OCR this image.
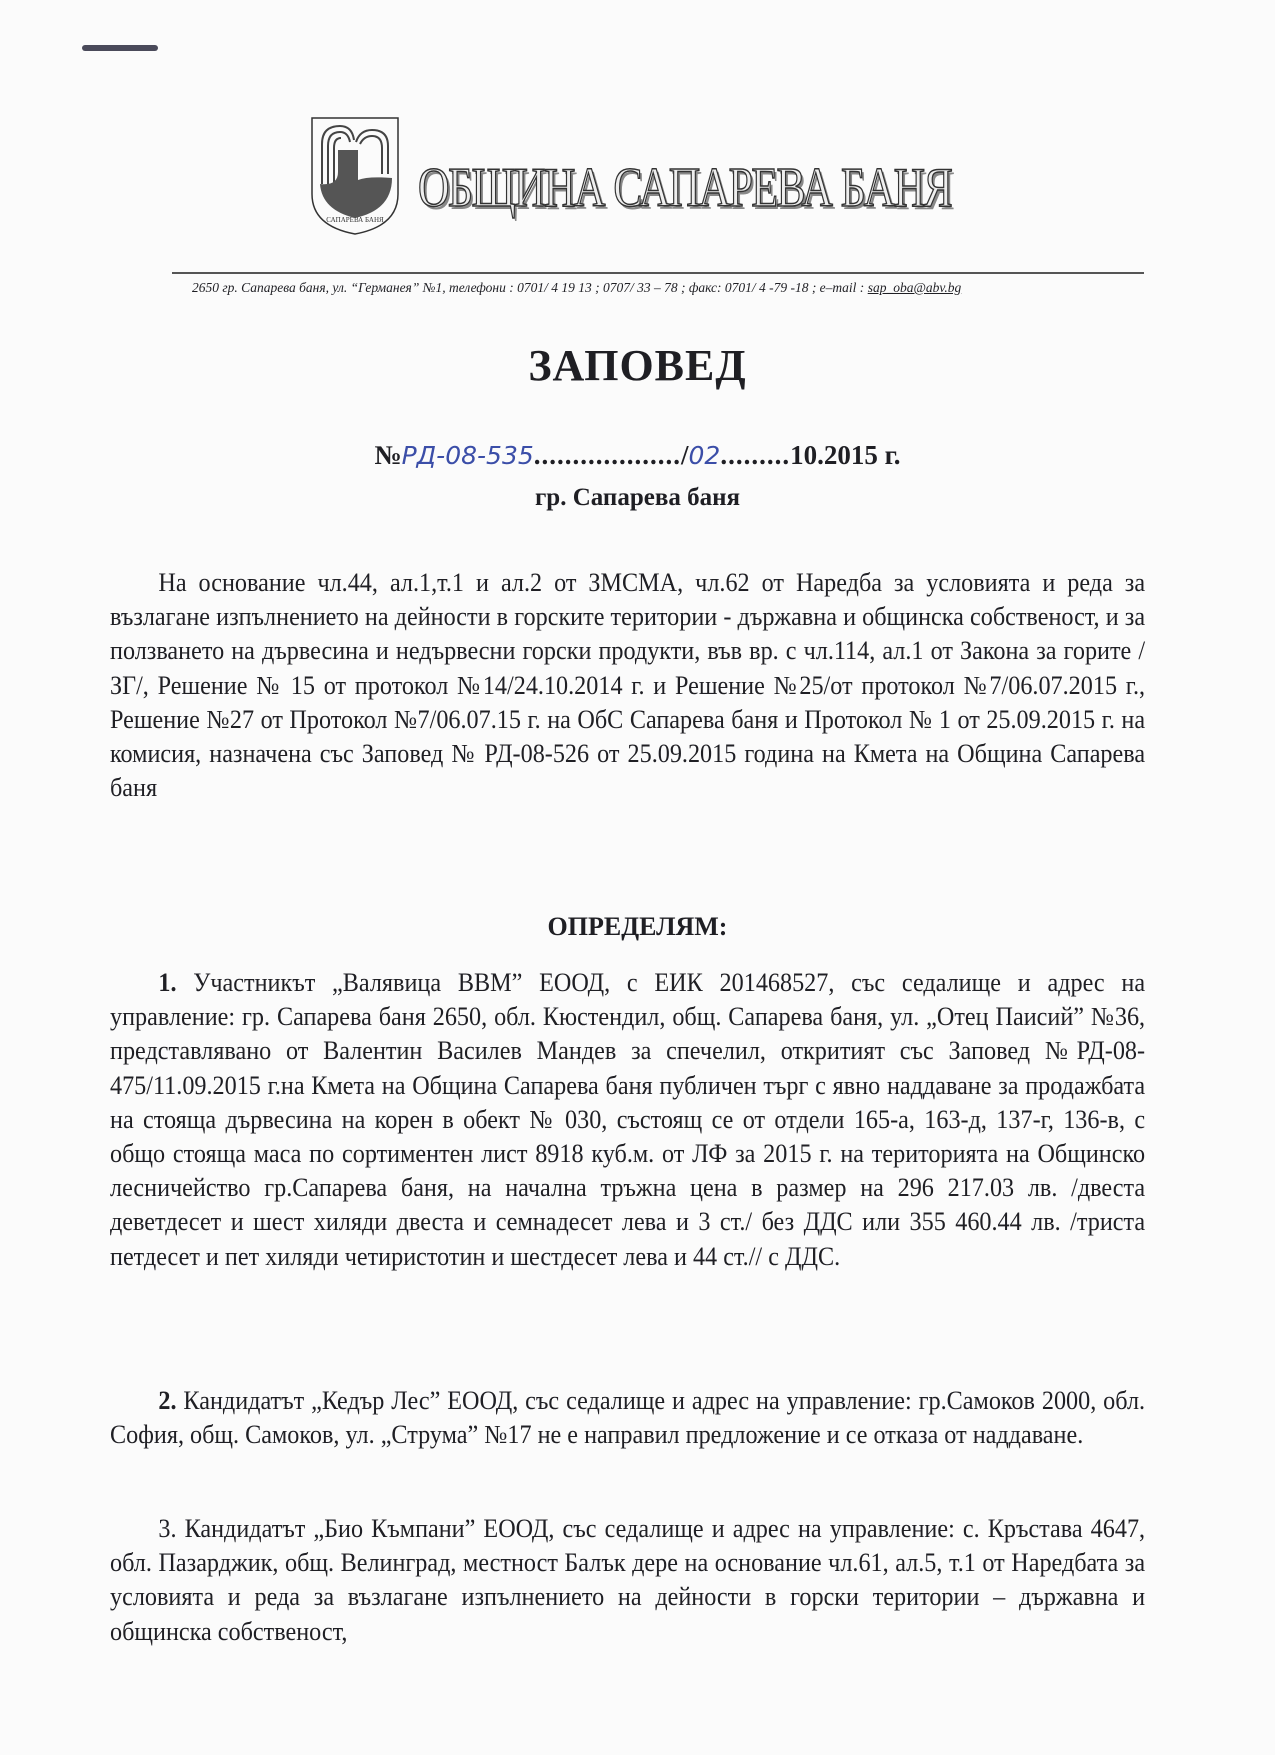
САПАРЕВА БАНЯ
ОБЩИНА САПАРЕВА БАНЯ
2650 гр. Сапарева баня, ул. “Германея” №1, телефони : 0701/ 4 19 13 ; 0707/ 33 – 78 ; факс: 0701/ 4 -79 -18 ; e–mail : sap_oba@abv.bg
ЗАПОВЕД
№РД-08-535.................../02.........10.2015 г.
гр. Сапарева баня
На основание чл.44, ал.1,т.1 и ал.2 от ЗМСМА, чл.62 от Наредба за условията и реда за възлагане изпълнението на дейности в горските територии - държавна и общинска собственост, и за ползването на дървесина и недървесни горски продукти, във вр. с чл.114, ал.1 от Закона за горите /ЗГ/, Решение № 15 от протокол №14/24.10.2014 г. и Решение №25/от протокол №7/06.07.2015 г., Решение №27 от Протокол №7/06.07.15 г. на ОбС Сапарева баня и Протокол № 1 от 25.09.2015 г. на комисия, назначена със Заповед № РД-08-526 от 25.09.2015 година на Кмета на Община Сапарева баня
ОПРЕДЕЛЯМ:
1. Участникът „Валявица ВВМ” ЕООД, с ЕИК 201468527, със седалище и адрес на управление: гр. Сапарева баня 2650, обл. Кюстендил, общ. Сапарева баня, ул. „Отец Паисий” №36, представлявано от Валентин Василев Мандев за спечелил, откритият със Заповед №РД-08-475/11.09.2015 г.на Кмета на Община Сапарева баня публичен търг с явно наддаване за продажбата на стояща дървесина на корен в обект № 030, състоящ се от отдели 165-а, 163-д, 137-г, 136-в, с общо стояща маса по сортиментен лист 8918 куб.м. от ЛФ за 2015 г. на територията на Общинско лесничейство гр.Сапарева баня, на начална тръжна цена в размер на 296 217.03 лв. /двеста деветдесет и шест хиляди двеста и семнадесет лева и 3 ст./ без ДДС или 355 460.44 лв. /триста петдесет и пет хиляди четиристотин и шестдесет лева и 44 ст.// с ДДС.
2. Кандидатът „Кедър Лес” ЕООД, със седалище и адрес на управление: гр.Самоков 2000, обл. София, общ. Самоков, ул. „Струма” №17 не е направил предложение и се отказа от наддаване.
3. Кандидатът „Био Къмпани” ЕООД, със седалище и адрес на управление: с. Кръстава 4647, обл. Пазарджик, общ. Велинград, местност Балък дере на основание чл.61, ал.5, т.1 от Наредбата за условията и реда за възлагане изпълнението на дейности в горски територии – държавна и общинска собственост,
